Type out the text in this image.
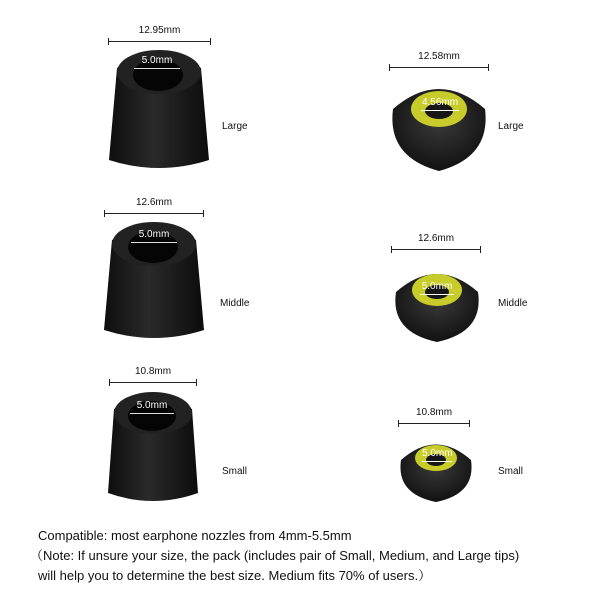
12.95mm
5.0mm
Large
12.6mm
5.0mm
Middle
10.8mm
5.0mm
Small
12.58mm
4.56mm
Large
12.6mm
5.0mm
Middle
10.8mm
5.0mm
Small
Compatible: most earphone nozzles from 4mm-5.5mm
（Note: If unsure your size, the pack (includes pair of Small, Medium, and Large tips)
will help you to determine the best size. Medium fits 70% of users.）
